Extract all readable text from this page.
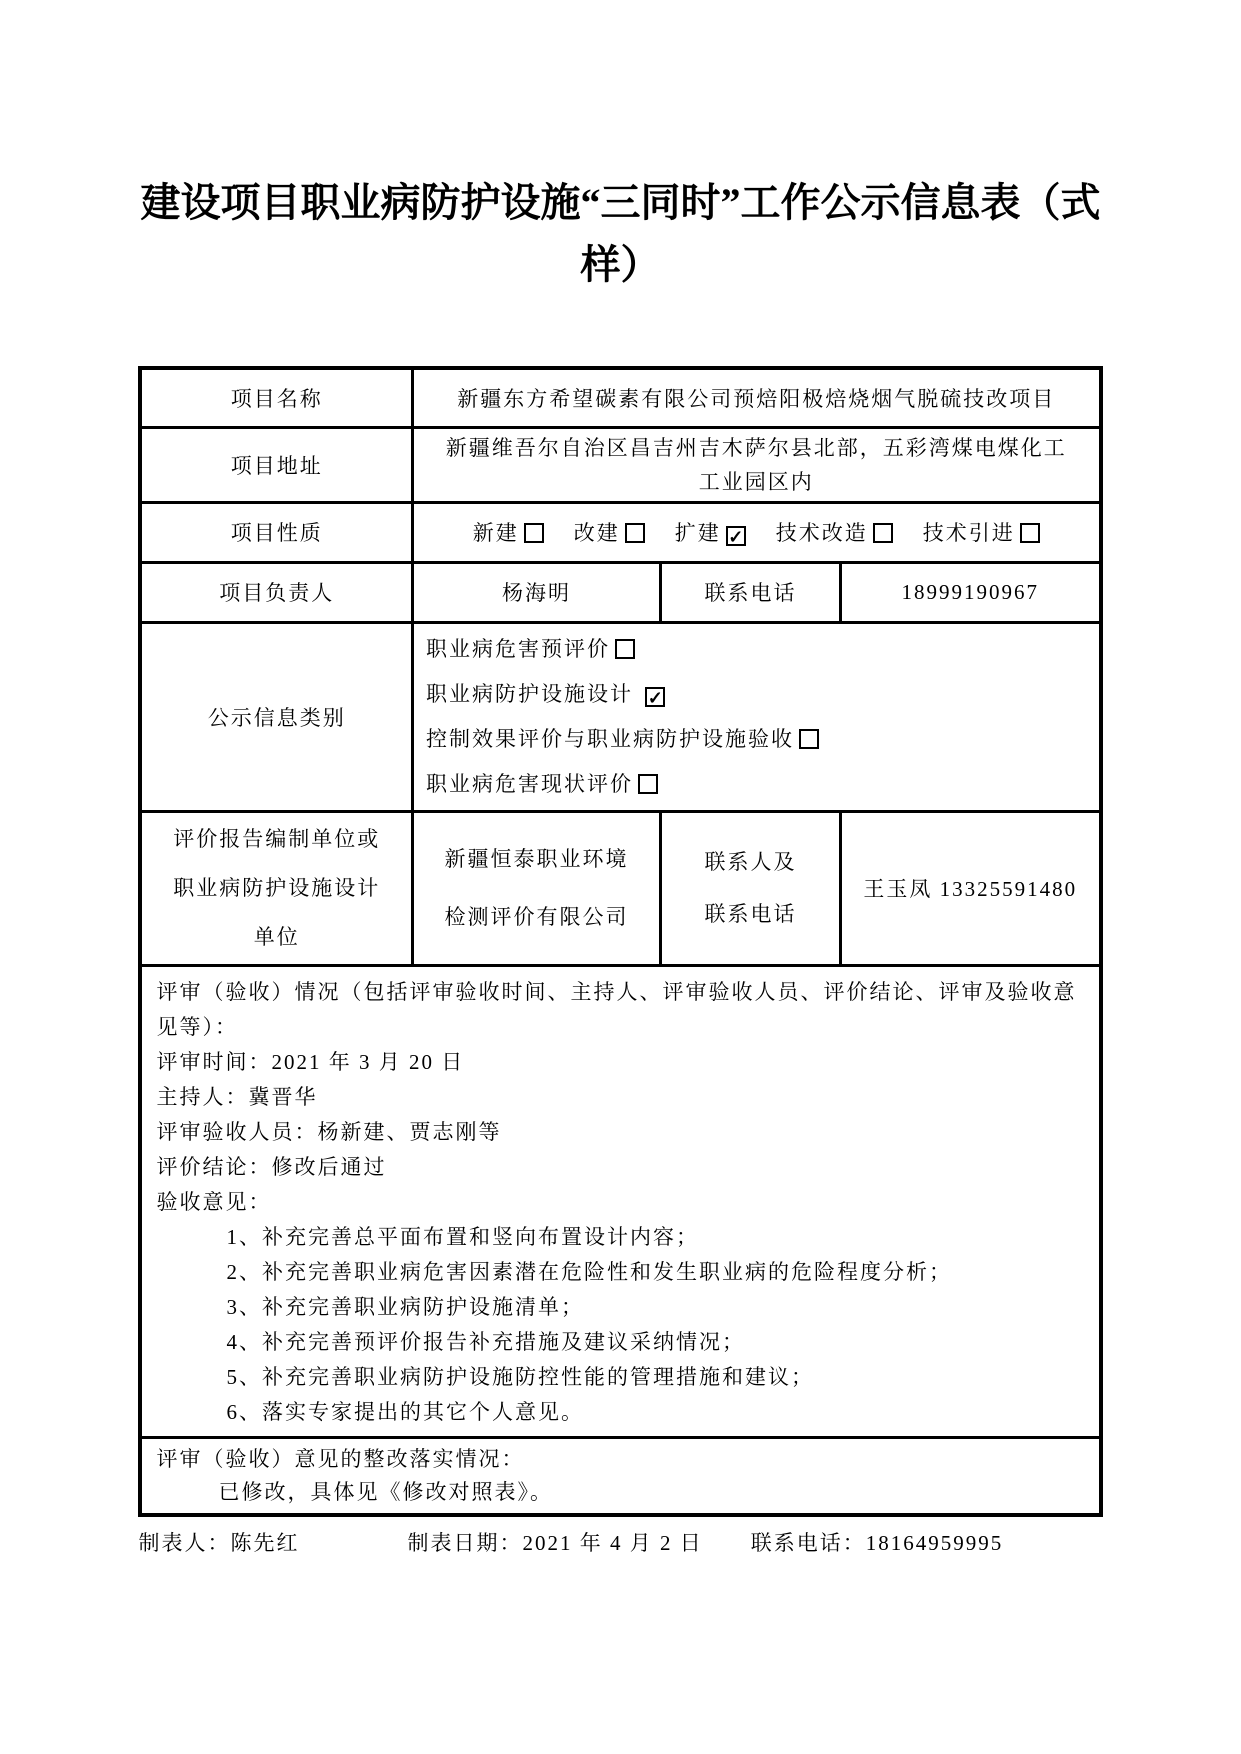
建设项目职业病防护设施“三同时”工作公示信息表（式样）
项目名称	新疆东方希望碳素有限公司预焙阳极焙烧烟气脱硫技改项目		
项目地址	新疆维吾尔自治区昌吉州吉木萨尔县北部，五彩湾煤电煤化工工业园区内		
项目性质	新建 改建 扩建 ✓ 技术改造 技术引进		
项目负责人	杨海明	联系电话	18999190967
公示信息类别	职业病危害预评价
职业病防护设施设计 ✓
控制效果评价与职业病防护设施验收
职业病危害现状评价		

评价报告编制单位或职业病防护设施设计单位	新疆恒泰职业环境检测评价有限公司	联系人及联系电话	王玉凤 13325591480

评审（验收）情况（包括评审验收时间、主持人、评审验收人员、评价结论、评审及验收意见等）：
评审时间：2021 年 3 月 20 日
主持人：冀晋华
评审验收人员：杨新建、贾志刚等
评价结论：修改后通过
验收意见：
1、补充完善总平面布置和竖向布置设计内容；
2、补充完善职业病危害因素潜在危险性和发生职业病的危险程度分析；
3、补充完善职业病防护设施清单；
4、补充完善预评价报告补充措施及建议采纳情况；
5、补充完善职业病防护设施防控性能的管理措施和建议；
6、落实专家提出的其它个人意见。

评审（验收）意见的整改落实情况：
已修改，具体见《修改对照表》。			
制表人：陈先红	制表日期：2021 年 4 月 2 日 联系电话：18164959995
